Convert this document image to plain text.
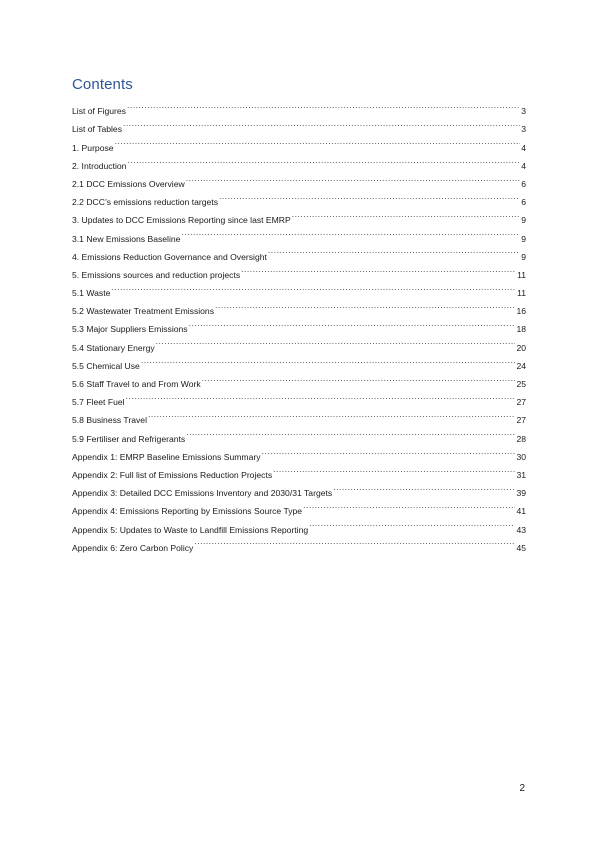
Contents
List of Figures .....	3
List of Tables .....	3
1. Purpose .....	4
2. Introduction .....	4
2.1 DCC Emissions Overview .....	6
2.2 DCC’s emissions reduction targets .....	6
3. Updates to DCC Emissions Reporting since last EMRP .....	9
3.1 New Emissions Baseline .....	9
4. Emissions Reduction Governance and Oversight .....	9
5. Emissions sources and reduction projects .....	11
5.1 Waste .....	11
5.2 Wastewater Treatment Emissions .....	16
5.3 Major Suppliers Emissions .....	18
5.4 Stationary Energy .....	20
5.5 Chemical Use .....	24
5.6 Staff Travel to and From Work .....	25
5.7 Fleet Fuel .....	27
5.8 Business Travel .....	27
5.9 Fertiliser and Refrigerants .....	28
Appendix 1: EMRP Baseline Emissions Summary .....	30
Appendix 2: Full list of Emissions Reduction Projects .....	31
Appendix 3: Detailed DCC Emissions Inventory and 2030/31 Targets .....	39
Appendix 4: Emissions Reporting by Emissions Source Type .....	41
Appendix 5: Updates to Waste to Landfill Emissions Reporting .....	43
Appendix 6: Zero Carbon Policy .....	45
2
